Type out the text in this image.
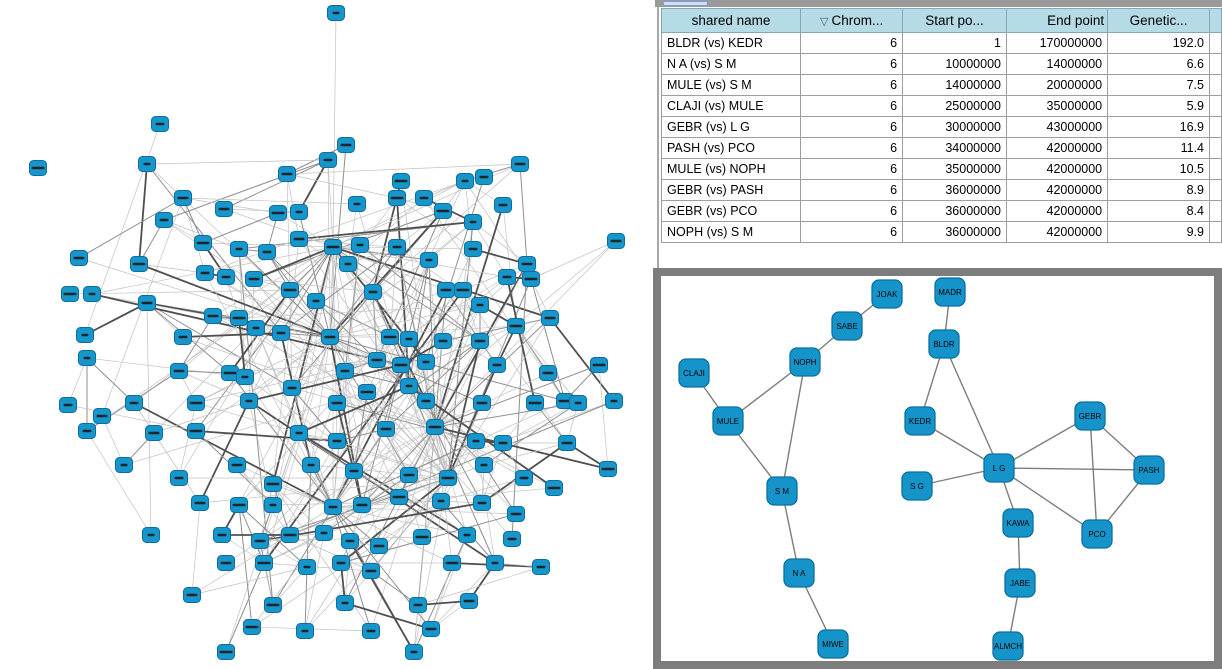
shared name	▽ Chrom...	Start po...	End point	Genetic...	
BLDR (vs) KEDR	6	1	170000000	192.0	
N A (vs) S M	6	10000000	14000000	6.6	
MULE (vs) S M	6	14000000	20000000	7.5	
CLAJI (vs) MULE	6	25000000	35000000	5.9	
GEBR (vs) L G	6	30000000	43000000	16.9	
PASH (vs) PCO	6	34000000	42000000	11.4	
MULE (vs) NOPH	6	35000000	42000000	10.5	
GEBR (vs) PASH	6	36000000	42000000	8.9	
GEBR (vs) PCO	6	36000000	42000000	8.4	
NOPH (vs) S M	6	36000000	42000000	9.9	
JOAK
SABE
NOPH
CLAJI
MULE
S M
N A
MIWE
MADR
BLDR
KEDR
L G
S G
GEBR
PASH
PCO
KAWA
JABE
ALMCH
